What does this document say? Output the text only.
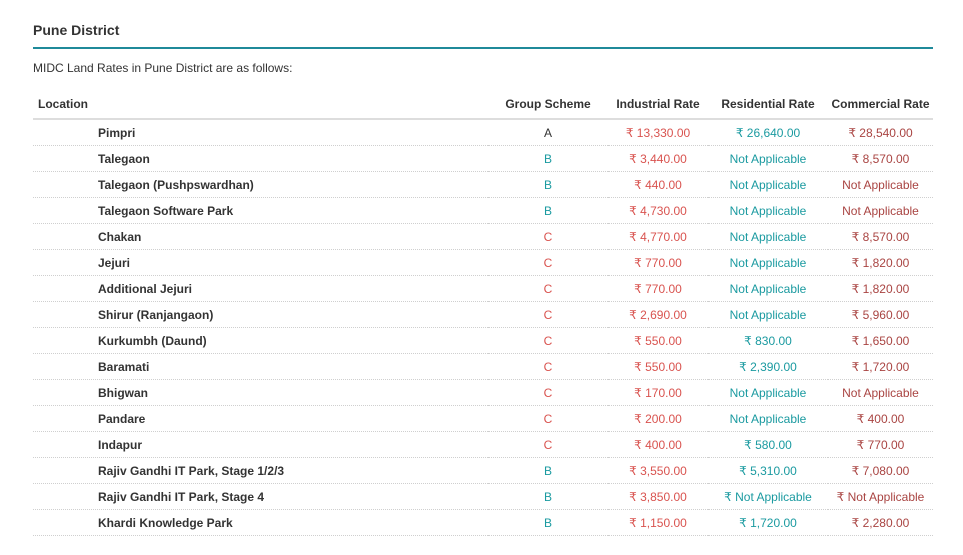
Pune District
MIDC Land Rates in Pune District are as follows:
Location	Group Scheme	Industrial Rate	Residential Rate	Commercial Rate
Pimpri	A	₹ 13,330.00	₹ 26,640.00	₹ 28,540.00
Talegaon	B	₹ 3,440.00	Not Applicable	₹ 8,570.00
Talegaon (Pushpswardhan)	B	₹ 440.00	Not Applicable	Not Applicable
Talegaon Software Park	B	₹ 4,730.00	Not Applicable	Not Applicable
Chakan	C	₹ 4,770.00	Not Applicable	₹ 8,570.00
Jejuri	C	₹ 770.00	Not Applicable	₹ 1,820.00
Additional Jejuri	C	₹ 770.00	Not Applicable	₹ 1,820.00
Shirur (Ranjangaon)	C	₹ 2,690.00	Not Applicable	₹ 5,960.00
Kurkumbh (Daund)	C	₹ 550.00	₹ 830.00	₹ 1,650.00
Baramati	C	₹ 550.00	₹ 2,390.00	₹ 1,720.00
Bhigwan	C	₹ 170.00	Not Applicable	Not Applicable
Pandare	C	₹ 200.00	Not Applicable	₹ 400.00
Indapur	C	₹ 400.00	₹ 580.00	₹ 770.00
Rajiv Gandhi IT Park, Stage 1/2/3	B	₹ 3,550.00	₹ 5,310.00	₹ 7,080.00
Rajiv Gandhi IT Park, Stage 4	B	₹ 3,850.00	₹ Not Applicable	₹ Not Applicable
Khardi Knowledge Park	B	₹ 1,150.00	₹ 1,720.00	₹ 2,280.00
